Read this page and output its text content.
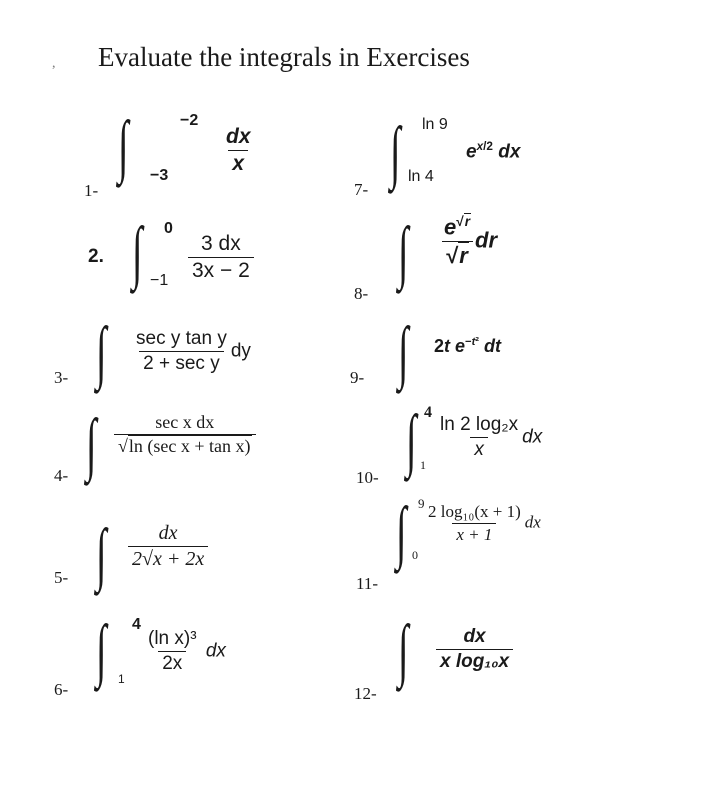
, Evaluate the integrals in Exercises
1-
∫	−2
−3	$\frac{dx}{x}$
2. ∫ 0
$-1 \frac{3 dx}{3x - 2}$
3- ∫ $\frac{\text{sec y tan y}}{\text{2 + sec y}}$ dy
4- ∫ $\frac{\text{sec x dx}}{\text{√ln (sec x + tan x)}}$
5- ∫ $\frac{dx}{2√x + 2x}$
6-
∫ 4
1
$\frac{\text{(ln x)³}}{2x}$ dx
7- ∫ ln 9
ln 4
$e^{x/2}$ dx
8-
∫ $\frac{e^{√r}}{√r}$ dr
9- ∫ 2t $e^{-t^2}$ dt
10- ∫ 4
1
$\frac{\text{ln 2 log₂x}}{x}$ dx
11-
∫ 9
0
$\frac{\text{2 log₁₀(x + 1)}}{x + 1}$ dx
12-
∫ $\frac{dx}{\text{x log₁₀x}}$
